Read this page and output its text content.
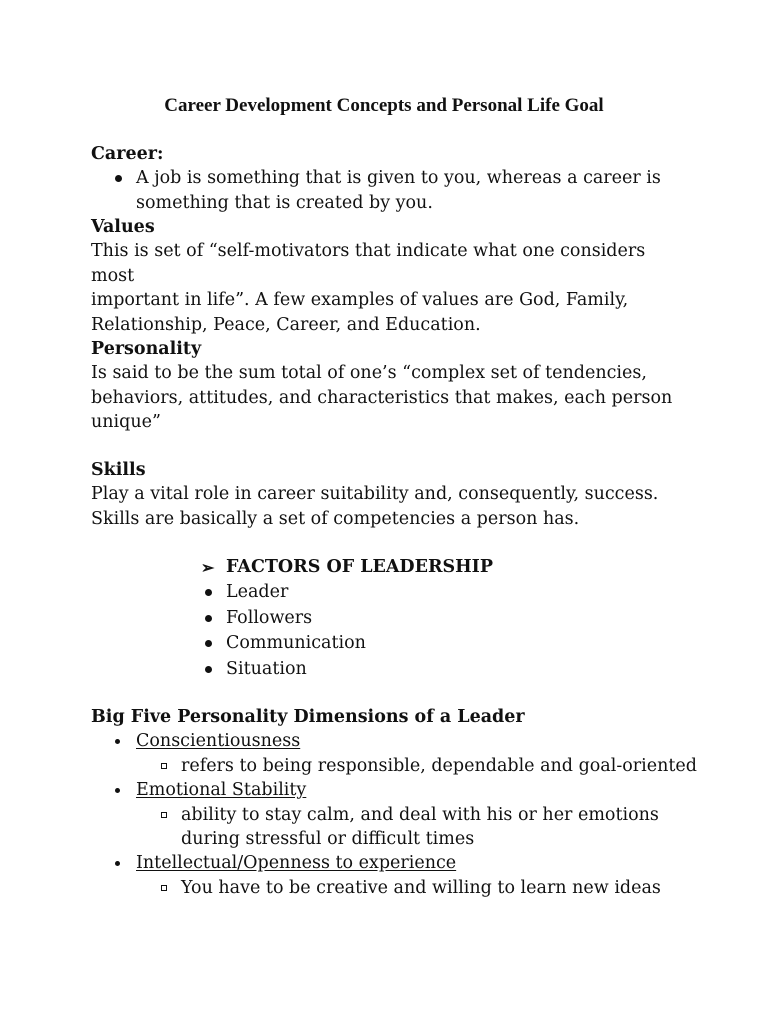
Career Development Concepts and Personal Life Goal
Career:
A job is something that is given to you, whereas a career is
something that is created by you.
Values
This is set of “self-motivators that indicate what one considers most
important in life”. A few examples of values are God, Family,
Relationship, Peace, Career, and Education.
Personality
Is said to be the sum total of one’s “complex set of tendencies,
behaviors, attitudes, and characteristics that makes, each person
unique”
Skills
Play a vital role in career suitability and, consequently, success.
Skills are basically a set of competencies a person has.
➢ FACTORS OF LEADERSHIP
Leader
Followers
Communication
Situation
Big Five Personality Dimensions of a Leader
Conscientiousness
refers to being responsible, dependable and goal-oriented
Emotional Stability
ability to stay calm, and deal with his or her emotions
during stressful or difficult times
Intellectual/Openness to experience
You have to be creative and willing to learn new ideas
